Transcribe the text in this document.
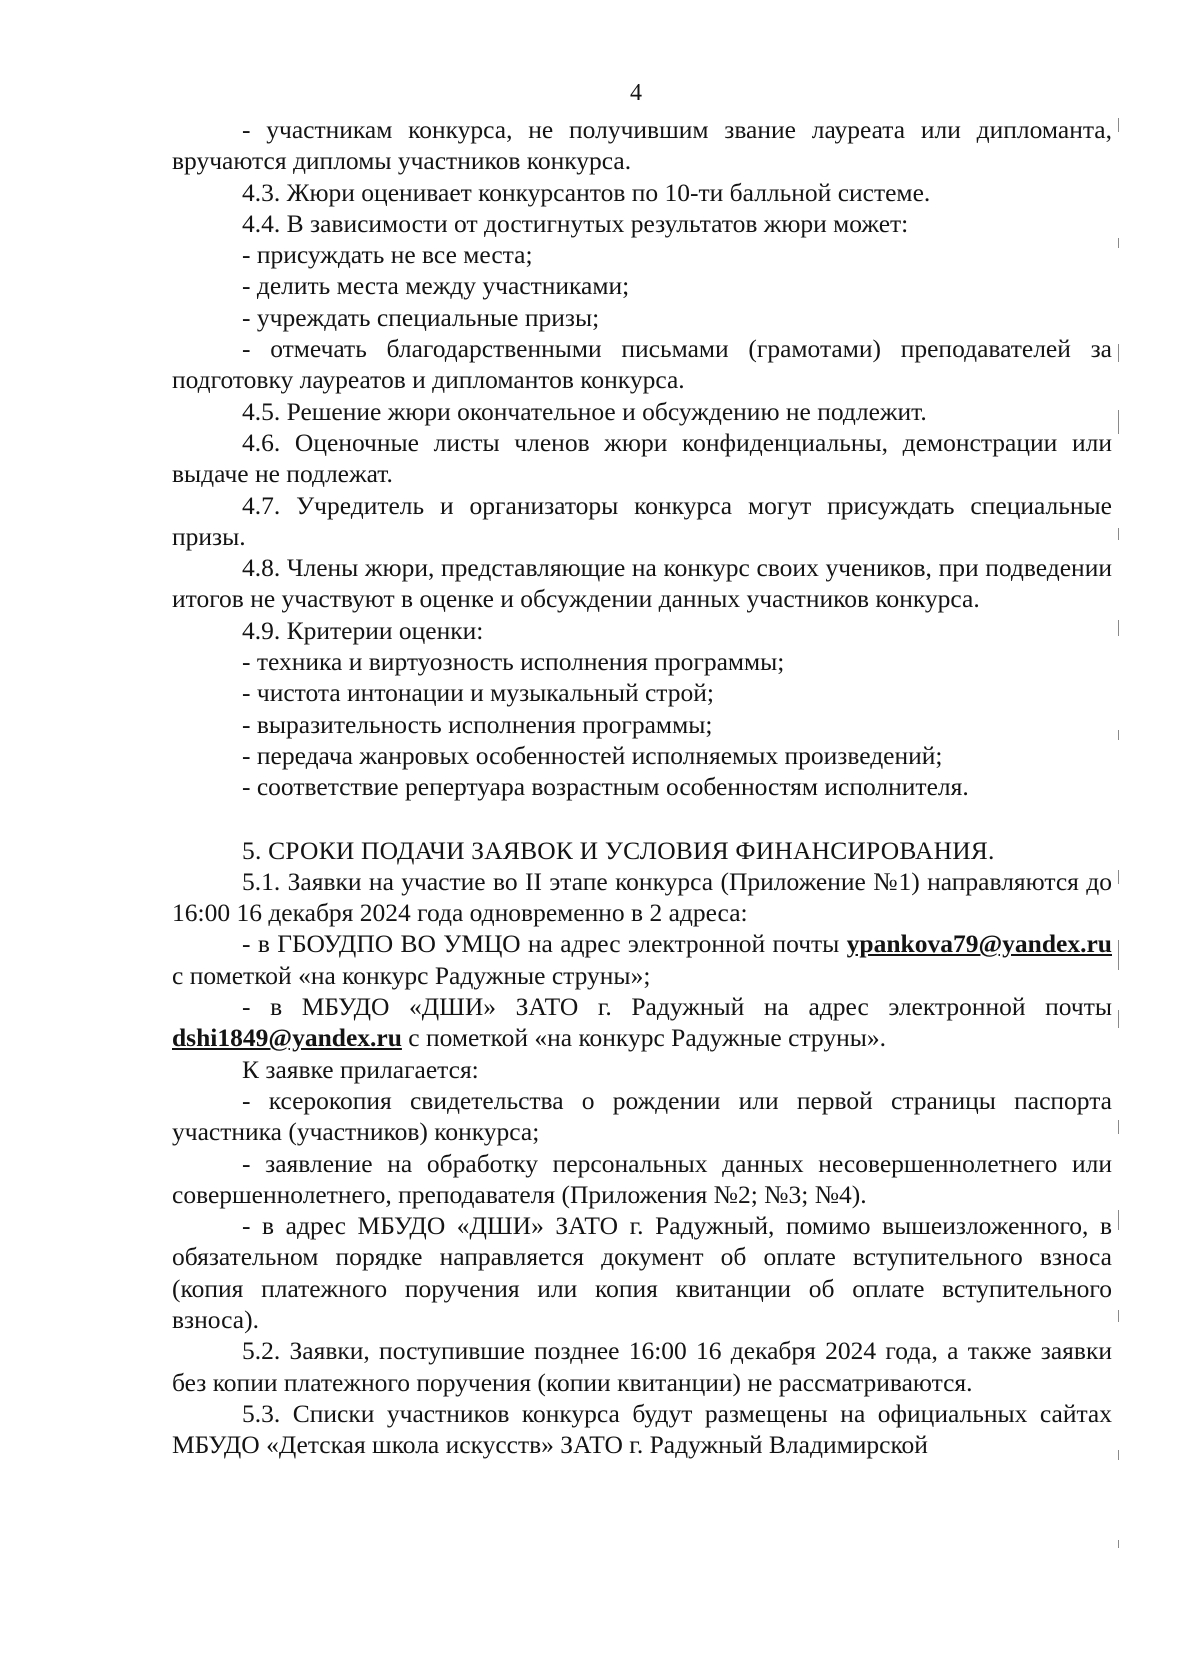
4

- участникам конкурса, не получившим звание лауреата или дипломанта, вручаются дипломы участников конкурса.

4.3. Жюри оценивает конкурсантов по 10-ти балльной системе.

4.4. В зависимости от достигнутых результатов жюри может:

- присуждать не все места;

- делить места между участниками;

- учреждать специальные призы;

- отмечать благодарственными письмами (грамотами) преподавателей за подготовку лауреатов и дипломантов конкурса.

4.5. Решение жюри окончательное и обсуждению не подлежит.

4.6. Оценочные листы членов жюри конфиденциальны, демонстрации или выдаче не подлежат.

4.7. Учредитель и организаторы конкурса могут присуждать специальные призы.

4.8. Члены жюри, представляющие на конкурс своих учеников, при подведении итогов не участвуют в оценке и обсуждении данных участников конкурса.

4.9. Критерии оценки:

- техника и виртуозность исполнения программы;

- чистота интонации и музыкальный строй;

- выразительность исполнения программы;

- передача жанровых особенностей исполняемых произведений;

- соответствие репертуара возрастным особенностям исполнителя.

5. СРОКИ ПОДАЧИ ЗАЯВОК И УСЛОВИЯ ФИНАНСИРОВАНИЯ.

5.1. Заявки на участие во II этапе конкурса (Приложение №1) направляются до 16:00 16 декабря 2024 года одновременно в 2 адреса:

- в ГБОУДПО ВО УМЦО на адрес электронной почты ypankova79@yandex.ru с пометкой «на конкурс Радужные струны»;

- в МБУДО «ДШИ» ЗАТО г. Радужный на адрес электронной почты dshi1849@yandex.ru с пометкой «на конкурс Радужные струны».

К заявке прилагается:

- ксерокопия свидетельства о рождении или первой страницы паспорта участника (участников) конкурса;

- заявление на обработку персональных данных несовершеннолетнего или совершеннолетнего, преподавателя (Приложения №2; №3; №4).

- в адрес МБУДО «ДШИ» ЗАТО г. Радужный, помимо вышеизложенного, в обязательном порядке направляется документ об оплате вступительного взноса (копия платежного поручения или копия квитанции об оплате вступительного взноса).

5.2. Заявки, поступившие позднее 16:00 16 декабря 2024 года, а также заявки без копии платежного поручения (копии квитанции) не рассматриваются.

5.3. Списки участников конкурса будут размещены на официальных сайтах МБУДО «Детская школа искусств» ЗАТО г. Радужный Владимирской
